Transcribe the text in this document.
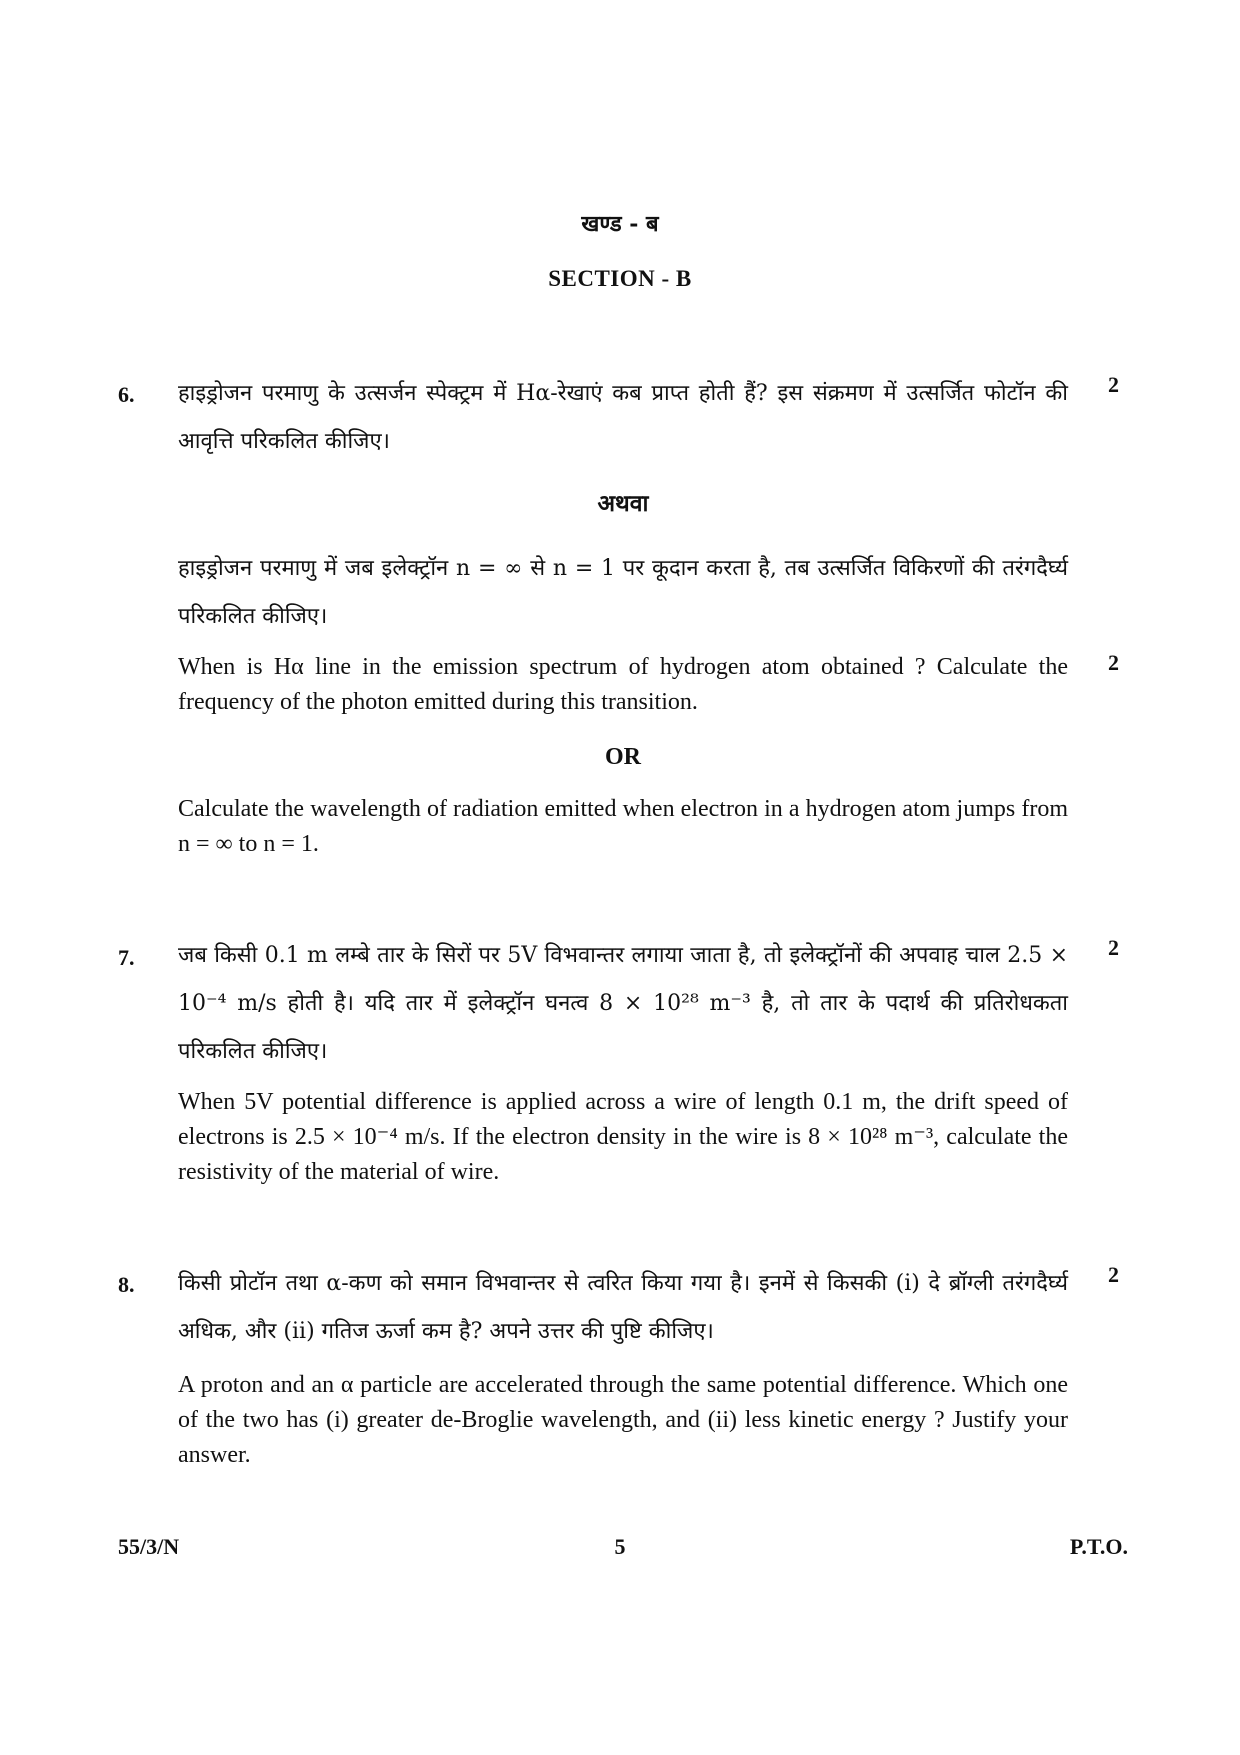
खण्ड - ब
SECTION - B
6.	2
हाइड्रोजन परमाणु के उत्सर्जन स्पेक्ट्रम में Hα-रेखाएं कब प्राप्त होती हैं? इस संक्रमण में उत्सर्जित फोटॉन की आवृत्ति परिकलित कीजिए।
अथवा
हाइड्रोजन परमाणु में जब इलेक्ट्रॉन n = ∞ से n = 1 पर कूदान करता है, तब उत्सर्जित विकिरणों की तरंगदैर्घ्य परिकलित कीजिए।
2
When is Hα line in the emission spectrum of hydrogen atom obtained ? Calculate the frequency of the photon emitted during this transition.
OR
Calculate the wavelength of radiation emitted when electron in a hydrogen atom jumps from n = ∞ to n = 1.
7.	2
जब किसी 0.1 m लम्बे तार के सिरों पर 5V विभवान्तर लगाया जाता है, तो इलेक्ट्रॉनों की अपवाह चाल 2.5 × 10⁻⁴ m/s होती है। यदि तार में इलेक्ट्रॉन घनत्व 8 × 10²⁸ m⁻³ है, तो तार के पदार्थ की प्रतिरोधकता परिकलित कीजिए।
When 5V potential difference is applied across a wire of length 0.1 m, the drift speed of electrons is 2.5 × 10⁻⁴ m/s. If the electron density in the wire is 8 × 10²⁸ m⁻³, calculate the resistivity of the material of wire.
8.	2
किसी प्रोटॉन तथा α-कण को समान विभवान्तर से त्वरित किया गया है। इनमें से किसकी (i) दे ब्रॉग्ली तरंगदैर्घ्य अधिक, और (ii) गतिज ऊर्जा कम है? अपने उत्तर की पुष्टि कीजिए।
A proton and an α particle are accelerated through the same potential difference. Which one of the two has (i) greater de-Broglie wavelength, and (ii) less kinetic energy ? Justify your answer.
55/3/N	5	P.T.O.
